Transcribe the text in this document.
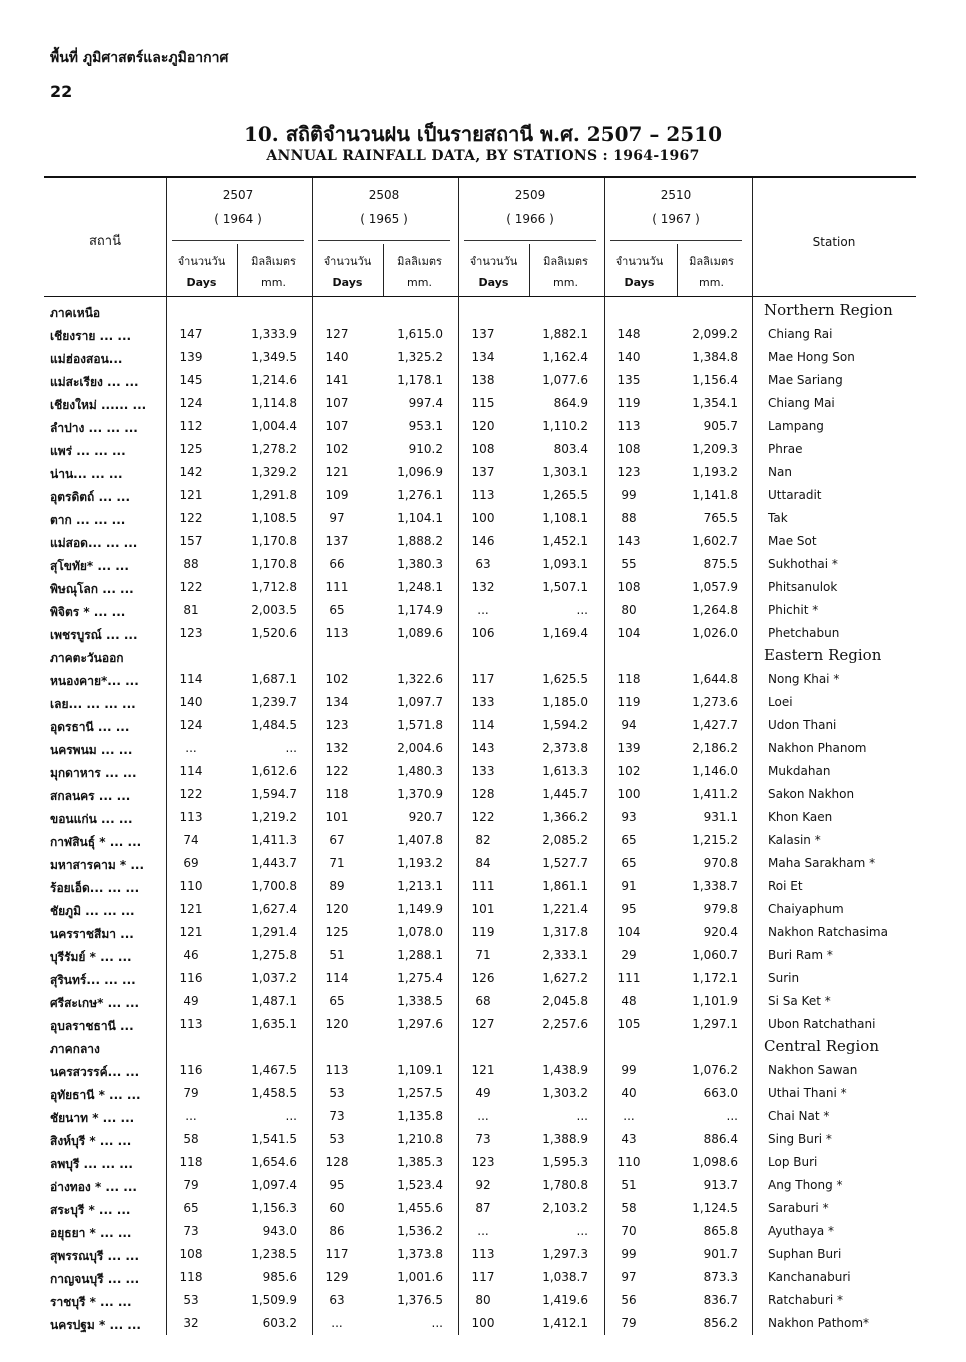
พื้นที่ ภูมิศาสตร์และภูมิอากาศ
22
10. สถิติจำนวนฝน เป็นรายสถานี พ.ศ. 2507 – 2510
ANNUAL RAINFALL DATA, BY STATIONS : 1964-1967
สถานี	Station
2507
( 1964 )
จำนวนวัน	มิลลิเมตร
Days	mm.
2508
( 1965 )
จำนวนวัน	มิลลิเมตร
Days	mm.
2509
( 1966 )
จำนวนวัน	มิลลิเมตร
Days	mm.
2510
( 1967 )
จำนวนวัน	มิลลิเมตร
Days	mm.
ภาคเหนือ	Northern Region
เชียงราย ... ...	147	1,333.9	127	1,615.0	137	1,882.1	148	2,099.2	Chiang Rai
แม่ฮ่องสอน...	139	1,349.5	140	1,325.2	134	1,162.4	140	1,384.8	Mae Hong Son
แม่สะเรียง ... ...	145	1,214.6	141	1,178.1	138	1,077.6	135	1,156.4	Mae Sariang
เชียงใหม่ ...... ...	124	1,114.8	107	997.4	115	864.9	119	1,354.1	Chiang Mai
ลำปาง ... ... ...	112	1,004.4	107	953.1	120	1,110.2	113	905.7	Lampang
แพร่ ... ... ...	125	1,278.2	102	910.2	108	803.4	108	1,209.3	Phrae
น่าน... ... ...	142	1,329.2	121	1,096.9	137	1,303.1	123	1,193.2	Nan
อุตรดิตถ์ ... ...	121	1,291.8	109	1,276.1	113	1,265.5	99	1,141.8	Uttaradit
ตาก ... ... ...	122	1,108.5	97	1,104.1	100	1,108.1	88	765.5	Tak
แม่สอด... ... ...	157	1,170.8	137	1,888.2	146	1,452.1	143	1,602.7	Mae Sot
สุโขทัย* ... ...	88	1,170.8	66	1,380.3	63	1,093.1	55	875.5	Sukhothai *
พิษณุโลก ... ...	122	1,712.8	111	1,248.1	132	1,507.1	108	1,057.9	Phitsanulok
พิจิตร * ... ...	81	2,003.5	65	1,174.9	...	...	80	1,264.8	Phichit *
เพชรบูรณ์ ... ...	123	1,520.6	113	1,089.6	106	1,169.4	104	1,026.0	Phetchabun
ภาคตะวันออก	Eastern Region
หนองคาย*... ...	114	1,687.1	102	1,322.6	117	1,625.5	118	1,644.8	Nong Khai *
เลย... ... ... ...	140	1,239.7	134	1,097.7	133	1,185.0	119	1,273.6	Loei
อุดรธานี ... ...	124	1,484.5	123	1,571.8	114	1,594.2	94	1,427.7	Udon Thani
นครพนม ... ...	...	...	132	2,004.6	143	2,373.8	139	2,186.2	Nakhon Phanom
มุกดาหาร ... ...	114	1,612.6	122	1,480.3	133	1,613.3	102	1,146.0	Mukdahan
สกลนคร ... ...	122	1,594.7	118	1,370.9	128	1,445.7	100	1,411.2	Sakon Nakhon
ขอนแก่น ... ...	113	1,219.2	101	920.7	122	1,366.2	93	931.1	Khon Kaen
กาฬสินธุ์ * ... ...	74	1,411.3	67	1,407.8	82	2,085.2	65	1,215.2	Kalasin *
มหาสารคาม * ...	69	1,443.7	71	1,193.2	84	1,527.7	65	970.8	Maha Sarakham *
ร้อยเอ็ด... ... ...	110	1,700.8	89	1,213.1	111	1,861.1	91	1,338.7	Roi Et
ชัยภูมิ ... ... ...	121	1,627.4	120	1,149.9	101	1,221.4	95	979.8	Chaiyaphum
นครราชสีมา ...	121	1,291.4	125	1,078.0	119	1,317.8	104	920.4	Nakhon Ratchasima
บุรีรัมย์ * ... ...	46	1,275.8	51	1,288.1	71	2,333.1	29	1,060.7	Buri Ram *
สุรินทร์... ... ...	116	1,037.2	114	1,275.4	126	1,627.2	111	1,172.1	Surin
ศรีสะเกษ* ... ...	49	1,487.1	65	1,338.5	68	2,045.8	48	1,101.9	Si Sa Ket *
อุบลราชธานี ...	113	1,635.1	120	1,297.6	127	2,257.6	105	1,297.1	Ubon Ratchathani
ภาคกลาง	Central Region
นครสวรรค์... ...	116	1,467.5	113	1,109.1	121	1,438.9	99	1,076.2	Nakhon Sawan
อุทัยธานี * ... ...	79	1,458.5	53	1,257.5	49	1,303.2	40	663.0	Uthai Thani *
ชัยนาท * ... ...	...	...	73	1,135.8	...	...	...	...	Chai Nat *
สิงห์บุรี * ... ...	58	1,541.5	53	1,210.8	73	1,388.9	43	886.4	Sing Buri *
ลพบุรี ... ... ...	118	1,654.6	128	1,385.3	123	1,595.3	110	1,098.6	Lop Buri
อ่างทอง * ... ...	79	1,097.4	95	1,523.4	92	1,780.8	51	913.7	Ang Thong *
สระบุรี * ... ...	65	1,156.3	60	1,455.6	87	2,103.2	58	1,124.5	Saraburi *
อยุธยา * ... ...	73	943.0	86	1,536.2	...	...	70	865.8	Ayuthaya *
สุพรรณบุรี ... ...	108	1,238.5	117	1,373.8	113	1,297.3	99	901.7	Suphan Buri
กาญจนบุรี ... ...	118	985.6	129	1,001.6	117	1,038.7	97	873.3	Kanchanaburi
ราชบุรี * ... ...	53	1,509.9	63	1,376.5	80	1,419.6	56	836.7	Ratchaburi *
นครปฐม * ... ...	32	603.2	...	...	100	1,412.1	79	856.2	Nakhon Pathom*
